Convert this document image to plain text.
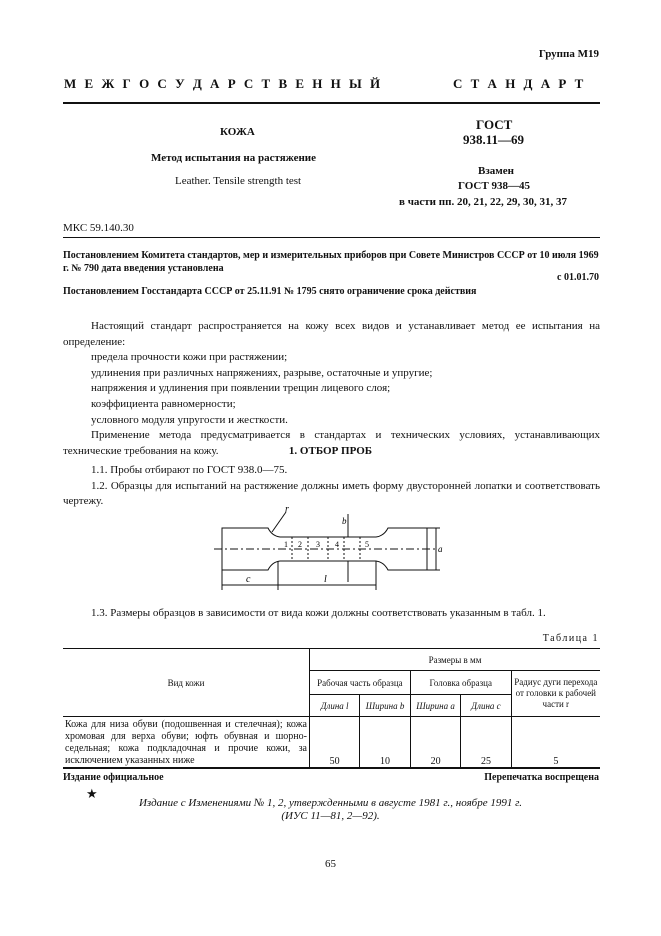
Группа М19
М Е Ж Г О С У Д А Р С Т В Е Н Н Ы Й	С Т А Н Д А Р Т
КОЖА
Метод испытания на растяжение
Leather. Tensile strength test
ГОСТ
938.11—69
Взамен
ГОСТ 938—45
в части пп. 20, 21, 22, 29, 30, 31, 37
МКС 59.140.30
Постановлением Комитета стандартов, мер и измерительных приборов при Совете Министров СССР от 10 июля 1969 г. № 790 дата введения установлена
с 01.01.70
Постановлением Госстандарта СССР от 25.11.91 № 1795 снято ограничение срока действия

Настоящий стандарт распространяется на кожу всех видов и устанавливает метод ее испытания на определение:

предела прочности кожи при растяжении;

удлинения при различных напряжениях, разрыве, остаточные и упругие;

напряжения и удлинения при появлении трещин лицевого слоя;

коэффициента равномерности;

условного модуля упругости и жесткости.

Применение метода предусматривается в стандартах и технических условиях, устанавливающих технические требования на кожу.	1. ОТБОР ПРОБ

1.1. Пробы отбирают по ГОСТ 938.0—75.

1.2. Образцы для испытаний на растяжение должны иметь форму двусторонней лопатки и соответствовать чертежу.

r
b
a
c	l
1 2 3 4	5
1.3. Размеры образцов в зависимости от вида кожи должны соответствовать указанным в табл. 1.
Таблица 1
Вид кожи	Размеры в мм				
	Рабочая часть образца		Головка образца		Радиус дуги перехода от головки к рабочей части r
	Длина l	Ширина b	Ширина a	Длина c	
Кожа для низа обуви (подошвенная и стелечная); кожа хромовая для верха обуви; юфть обувная и шорно-седельная; кожа подкладочная и прочие кожи, за исключением указанных ниже	50	10	20	25	5
Издание официальное	Перепечатка воспрещена
★
Издание с Изменениями № 1, 2, утвержденными в августе 1981 г., ноябре 1991 г.
(ИУС 11—81, 2—92).
65
